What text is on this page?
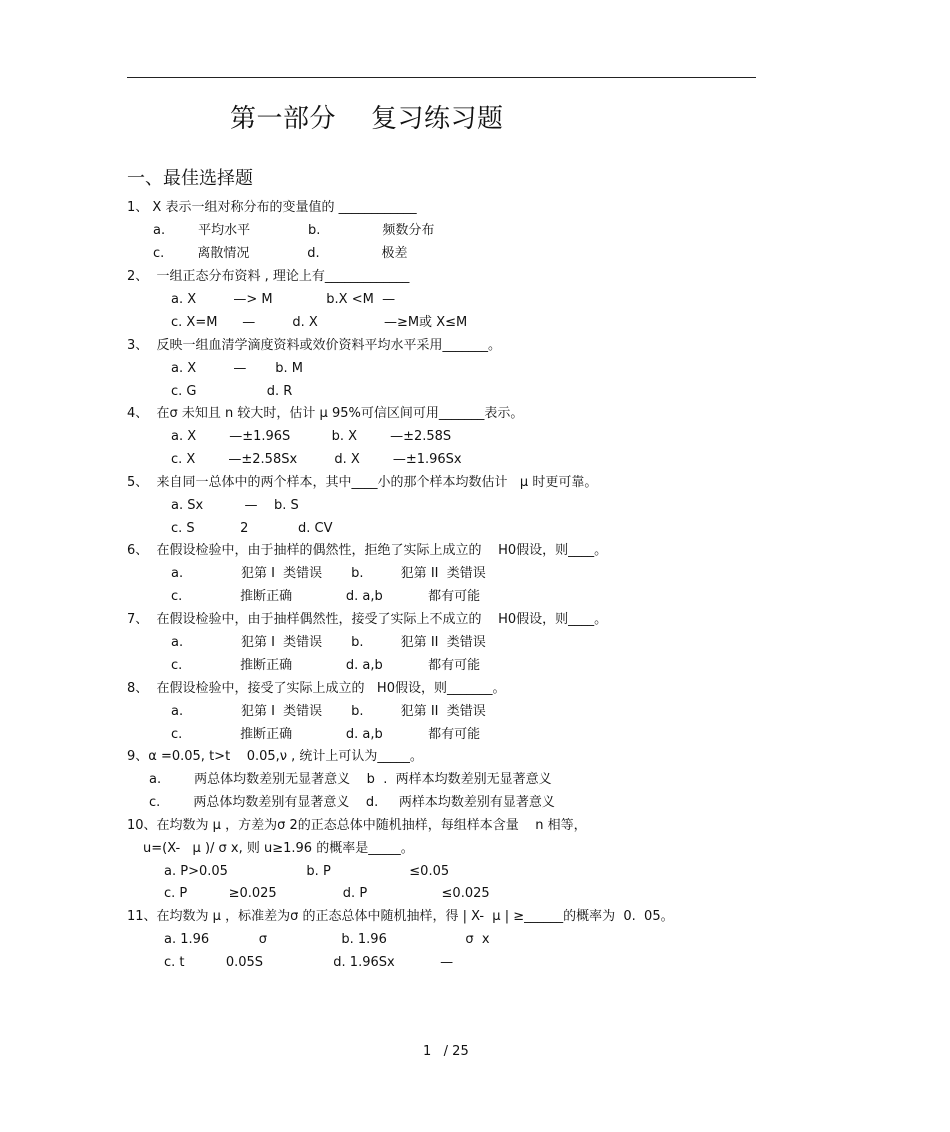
第一部分    复习练习题
一、最佳选择题
1、 X 表示一组对称分布的变量值的 ____________
a.        平均水平              b.               频数分布
c.        离散情况              d.               极差
2、  一组正态分布资料 , 理论上有_____________
a. X         —> M             b.X <M  —
c. X=M      —         d. X                —≥M或 X≤M
3、  反映一组血清学滴度资料或效价资料平均水平采用_______。
a. X         —       b. M
c. G                 d. R
4、  在σ 未知且 n 较大时，估计 μ 95%可信区间可用_______表示。
a. X        —±1.96S          b. X        —±2.58S
c. X        —±2.58Sx         d. X        —±1.96Sx
5、  来自同一总体中的两个样本，其中____小的那个样本均数估计   μ 时更可靠。
a. Sx          —    b. S
c. S           2            d. CV
6、  在假设检验中，由于抽样的偶然性，拒绝了实际上成立的    H0假设，则____。
a.              犯第 I  类错误       b.         犯第 II  类错误
c.              推断正确             d. a,b           都有可能
7、  在假设检验中，由于抽样偶然性，接受了实际上不成立的    H0假设，则____。
a.              犯第 I  类错误       b.         犯第 II  类错误
c.              推断正确             d. a,b           都有可能
8、  在假设检验中，接受了实际上成立的   H0假设，则_______。
a.              犯第 I  类错误       b.         犯第 II  类错误
c.              推断正确             d. a,b           都有可能
9、α =0.05, t>t    0.05,ν , 统计上可认为_____。
a.        两总体均数差别无显著意义    b  .  两样本均数差别无显著意义
c.        两总体均数差别有显著意义    d.     两样本均数差别有显著意义
10、在均数为 μ ，方差为σ 2的正态总体中随机抽样，每组样本含量    n 相等，
u=(X-   μ )/ σ x, 则 u≥1.96 的概率是_____。
a. P>0.05                   b. P                   ≤0.05
c. P          ≥0.025                d. P                  ≤0.025
11、在均数为 μ ，标准差为σ 的正态总体中随机抽样，得 | X-  μ | ≥______的概率为  0.  05。
a. 1.96            σ                  b. 1.96                   σ  x
c. t          0.05S                 d. 1.96Sx           —
1   / 25
